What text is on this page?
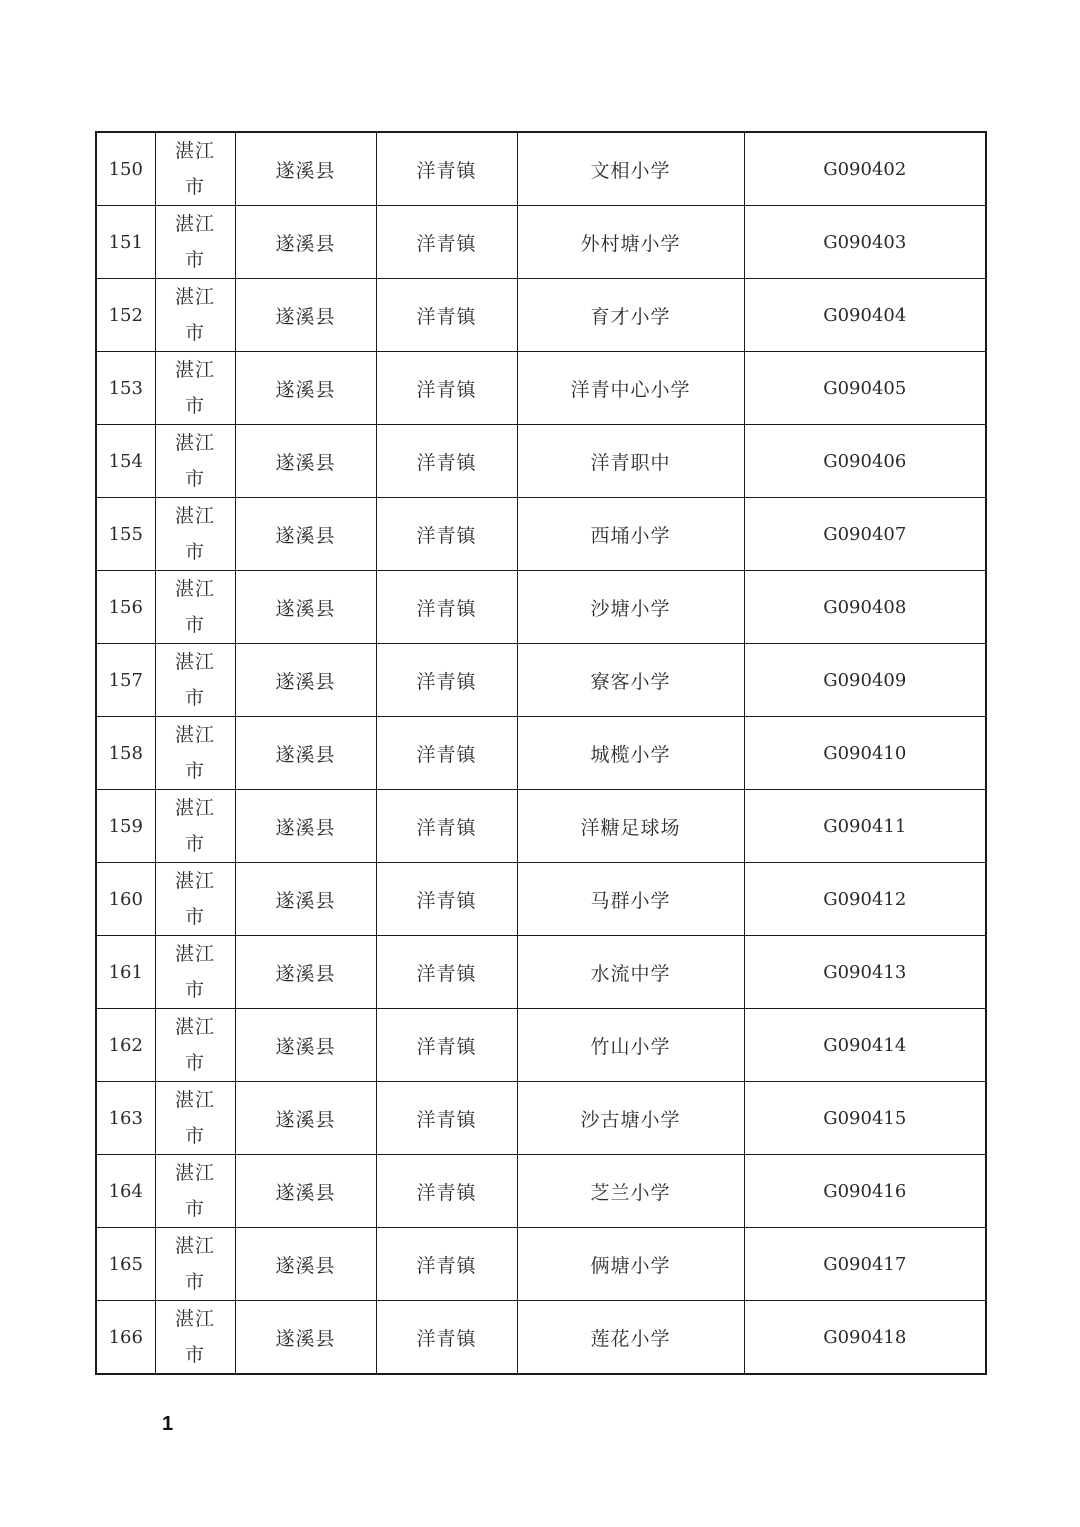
150	湛江市	遂溪县	洋青镇	文相小学	G090402
151	湛江市	遂溪县	洋青镇	外村塘小学	G090403
152	湛江市	遂溪县	洋青镇	育才小学	G090404
153	湛江市	遂溪县	洋青镇	洋青中心小学	G090405
154	湛江市	遂溪县	洋青镇	洋青职中	G090406
155	湛江市	遂溪县	洋青镇	西埇小学	G090407
156	湛江市	遂溪县	洋青镇	沙塘小学	G090408
157	湛江市	遂溪县	洋青镇	寮客小学	G090409
158	湛江市	遂溪县	洋青镇	城榄小学	G090410
159	湛江市	遂溪县	洋青镇	洋糖足球场	G090411
160	湛江市	遂溪县	洋青镇	马群小学	G090412
161	湛江市	遂溪县	洋青镇	水流中学	G090413
162	湛江市	遂溪县	洋青镇	竹山小学	G090414
163	湛江市	遂溪县	洋青镇	沙古塘小学	G090415
164	湛江市	遂溪县	洋青镇	芝兰小学	G090416
165	湛江市	遂溪县	洋青镇	俩塘小学	G090417
166	湛江市	遂溪县	洋青镇	莲花小学	G090418
1
